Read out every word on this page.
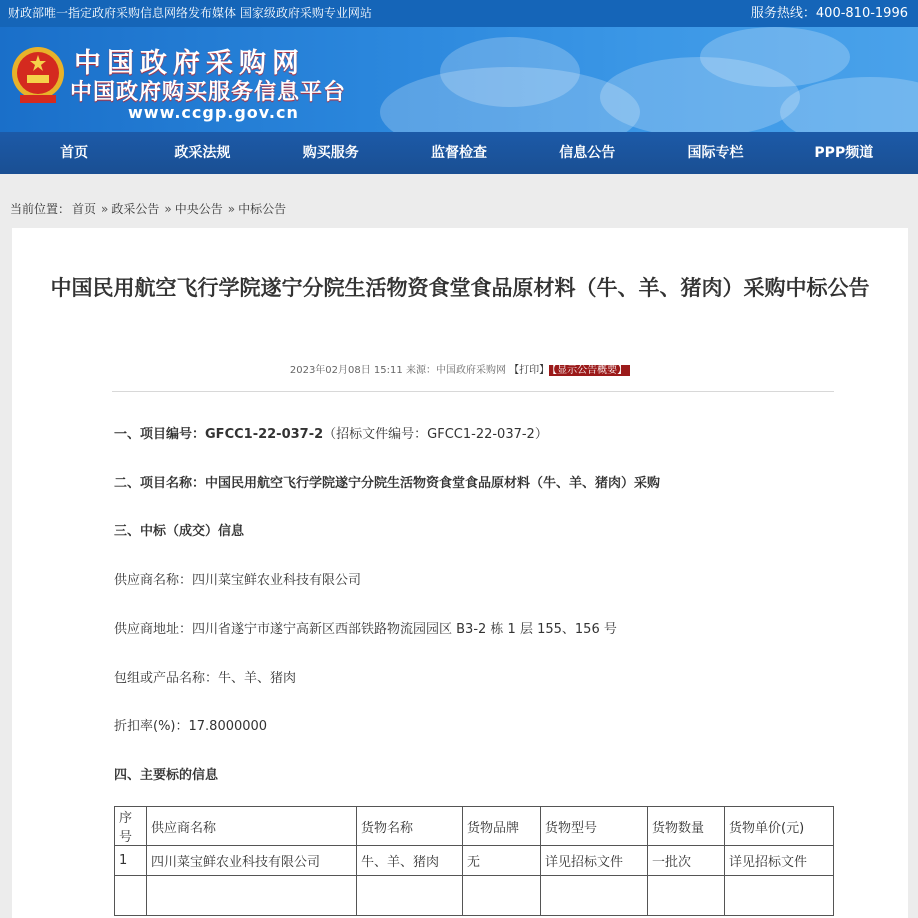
财政部唯一指定政府采购信息网络发布媒体 国家级政府采购专业网站	服务热线：400-810-1996
中国政府采购网
中国政府购买服务信息平台
www.ccgp.gov.cn
首页	政采法规	购买服务	监督检查	信息公告	国际专栏	PPP频道
当前位置： 首页 » 政采公告 » 中央公告 » 中标公告
中国民用航空飞行学院遂宁分院生活物资食堂食品原材料（牛、羊、猪肉）采购中标公告
2023年02月08日 15:11 来源：中国政府采购网 【打印】 【显示公告概要】
一、项目编号：GFCC1-22-037-2（招标文件编号：GFCC1-22-037-2）
二、项目名称：中国民用航空飞行学院遂宁分院生活物资食堂食品原材料（牛、羊、猪肉）采购
三、中标（成交）信息
供应商名称：四川菜宝鲜农业科技有限公司
供应商地址：四川省遂宁市遂宁高新区西部铁路物流园园区 B3-2 栋 1 层 155、156 号
包组或产品名称：牛、羊、猪肉
折扣率(%)：17.8000000
四、主要标的信息
序号	供应商名称	货物名称	货物品牌	货物型号	货物数量	货物单价(元)
1	四川菜宝鲜农业科技有限公司	牛、羊、猪肉	无	详见招标文件	一批次	详见招标文件
